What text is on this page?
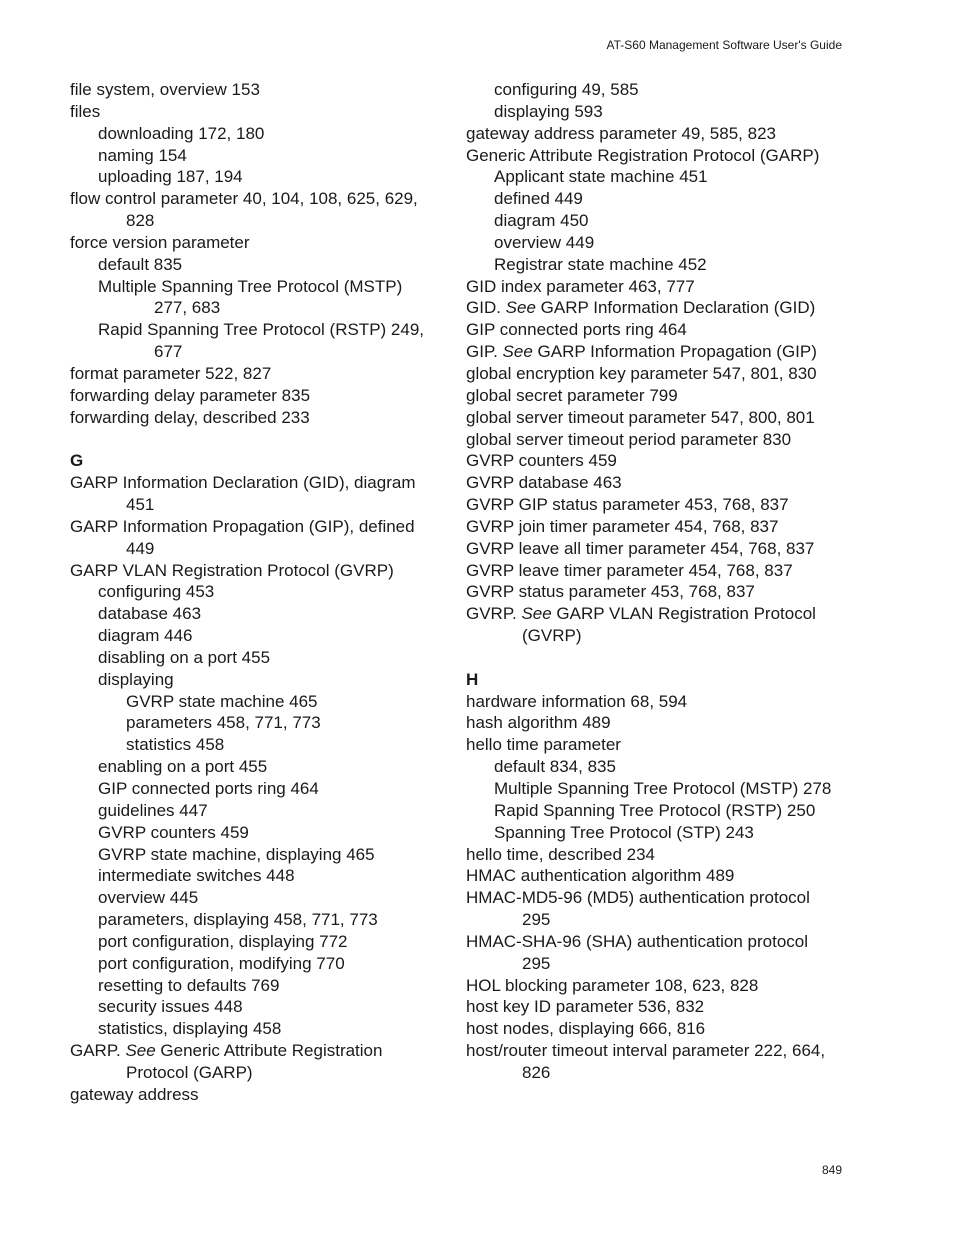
AT-S60 Management Software User's Guide
file system, overview 153
files
downloading 172, 180
naming 154
uploading 187, 194
flow control parameter 40, 104, 108, 625, 629, 828
force version parameter
default 835
Multiple Spanning Tree Protocol (MSTP) 277, 683
Rapid Spanning Tree Protocol (RSTP) 249, 677
format parameter 522, 827
forwarding delay parameter 835
forwarding delay, described 233
G
GARP Information Declaration (GID), diagram 451
GARP Information Propagation (GIP), defined 449
GARP VLAN Registration Protocol (GVRP)
configuring 453
database 463
diagram 446
disabling on a port 455
displaying
GVRP state machine 465
parameters 458, 771, 773
statistics 458
enabling on a port 455
GIP connected ports ring 464
guidelines 447
GVRP counters 459
GVRP state machine, displaying 465
intermediate switches 448
overview 445
parameters, displaying 458, 771, 773
port configuration, displaying 772
port configuration, modifying 770
resetting to defaults 769
security issues 448
statistics, displaying 458
GARP. See Generic Attribute Registration Protocol (GARP)
gateway address
configuring 49, 585
displaying 593
gateway address parameter 49, 585, 823
Generic Attribute Registration Protocol (GARP)
Applicant state machine 451
defined 449
diagram 450
overview 449
Registrar state machine 452
GID index parameter 463, 777
GID. See GARP Information Declaration (GID)
GIP connected ports ring 464
GIP. See GARP Information Propagation (GIP)
global encryption key parameter 547, 801, 830
global secret parameter 799
global server timeout parameter 547, 800, 801
global server timeout period parameter 830
GVRP counters 459
GVRP database 463
GVRP GIP status parameter 453, 768, 837
GVRP join timer parameter 454, 768, 837
GVRP leave all timer parameter 454, 768, 837
GVRP leave timer parameter 454, 768, 837
GVRP status parameter 453, 768, 837
GVRP. See GARP VLAN Registration Protocol (GVRP)
H
hardware information 68, 594
hash algorithm 489
hello time parameter
default 834, 835
Multiple Spanning Tree Protocol (MSTP) 278
Rapid Spanning Tree Protocol (RSTP) 250
Spanning Tree Protocol (STP) 243
hello time, described 234
HMAC authentication algorithm 489
HMAC-MD5-96 (MD5) authentication protocol 295
HMAC-SHA-96 (SHA) authentication protocol 295
HOL blocking parameter 108, 623, 828
host key ID parameter 536, 832
host nodes, displaying 666, 816
host/router timeout interval parameter 222, 664, 826
849
